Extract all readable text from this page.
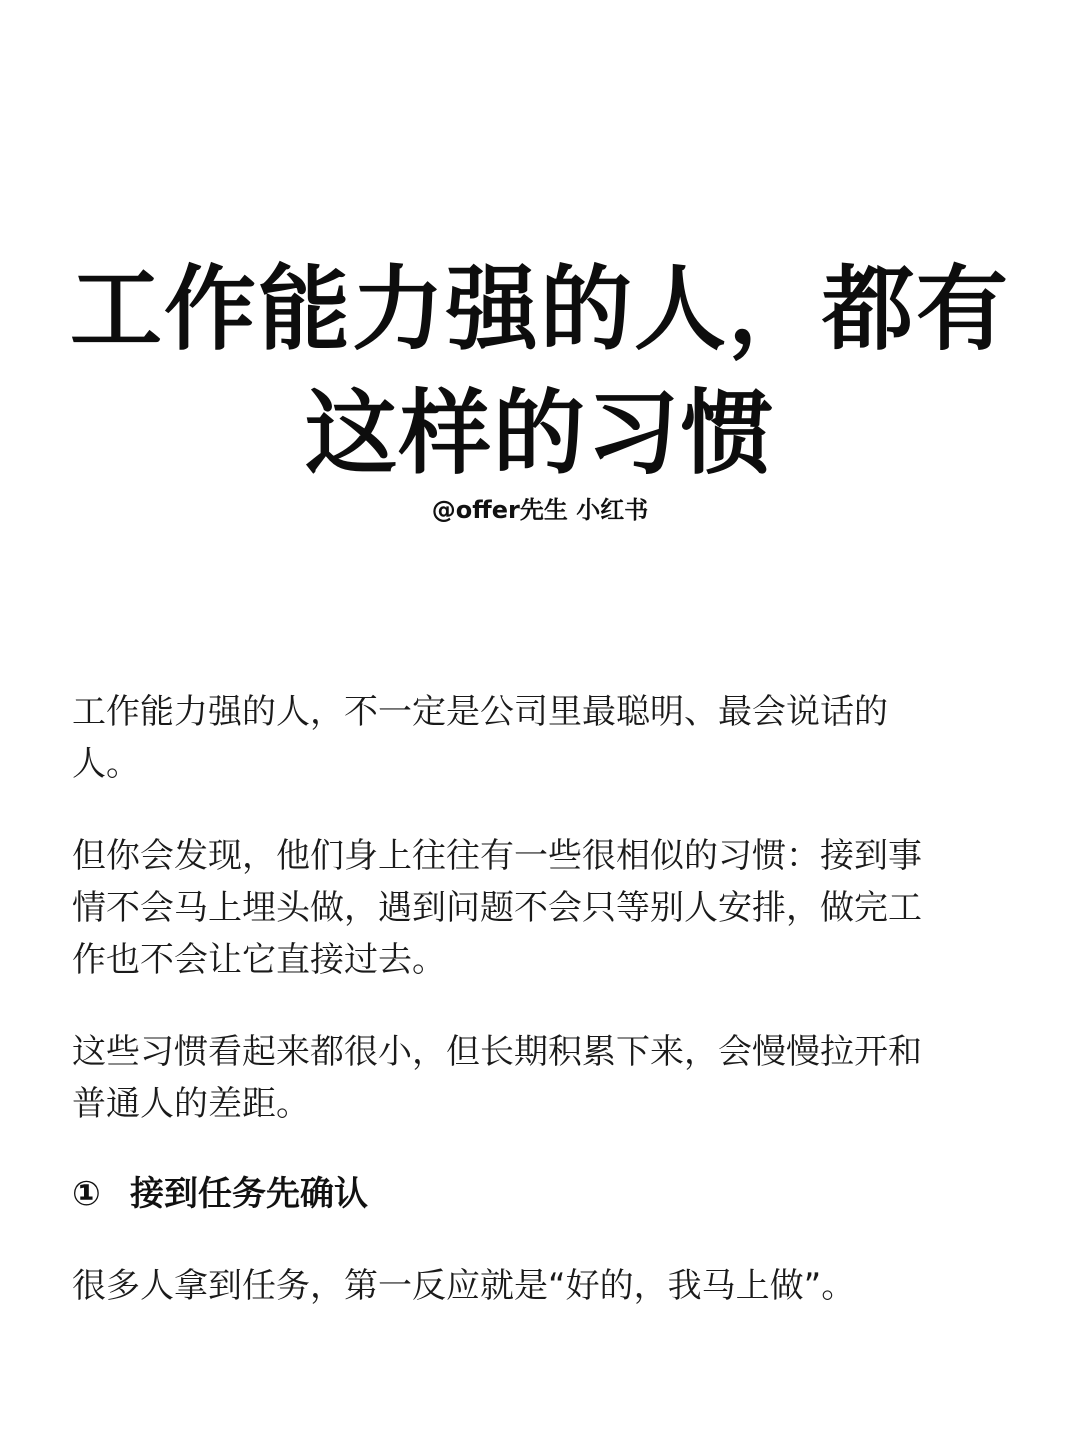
工作能力强的人，都有
这样的习惯

@offer先生 小红书

工作能力强的人，不一定是公司里最聪明、最会说话的
人。

但你会发现，他们身上往往有一些很相似的习惯：接到事
情不会马上埋头做，遇到问题不会只等别人安排，做完工
作也不会让它直接过去。

这些习惯看起来都很小，但长期积累下来，会慢慢拉开和
普通人的差距。

① 接到任务先确认

很多人拿到任务，第一反应就是“好的，我马上做”。
